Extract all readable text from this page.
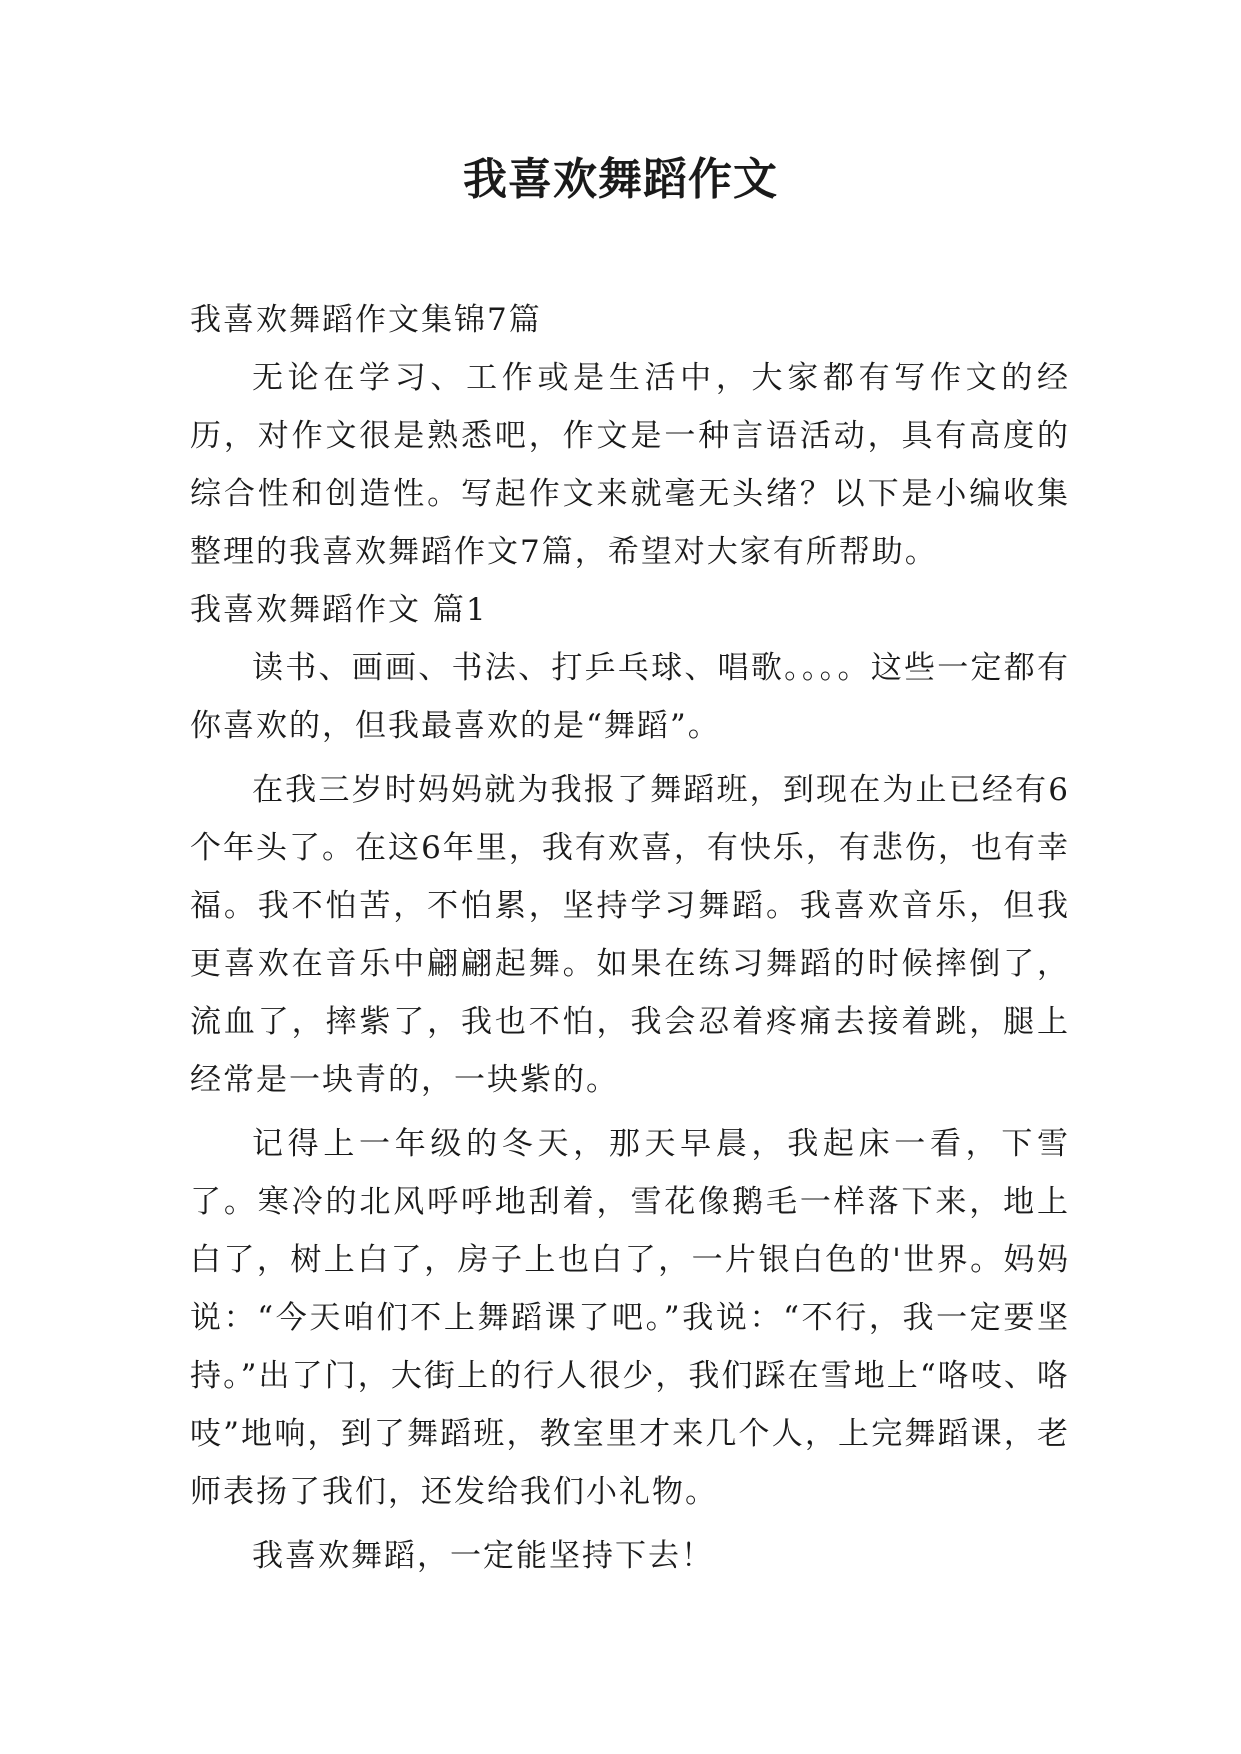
我喜欢舞蹈作文

我喜欢舞蹈作文集锦7篇

无论在学习、工作或是生活中，大家都有写作文的经历，对作文很是熟悉吧，作文是一种言语活动，具有高度的综合性和创造性。写起作文来就毫无头绪？以下是小编收集整理的我喜欢舞蹈作文7篇，希望对大家有所帮助。

我喜欢舞蹈作文 篇1

读书、画画、书法、打乒乓球、唱歌。。。。这些一定都有你喜欢的，但我最喜欢的是“舞蹈”。

在我三岁时妈妈就为我报了舞蹈班，到现在为止已经有6个年头了。在这6年里，我有欢喜，有快乐，有悲伤，也有幸福。我不怕苦，不怕累，坚持学习舞蹈。我喜欢音乐，但我更喜欢在音乐中翩翩起舞。如果在练习舞蹈的时候摔倒了，流血了，摔紫了，我也不怕，我会忍着疼痛去接着跳，腿上经常是一块青的，一块紫的。

记得上一年级的冬天，那天早晨，我起床一看，下雪了。寒冷的北风呼呼地刮着，雪花像鹅毛一样落下来，地上白了，树上白了，房子上也白了，一片银白色的'世界。妈妈说：“今天咱们不上舞蹈课了吧。”我说：“不行，我一定要坚持。”出了门，大街上的行人很少，我们踩在雪地上“咯吱、咯吱”地响，到了舞蹈班，教室里才来几个人，上完舞蹈课，老师表扬了我们，还发给我们小礼物。

我喜欢舞蹈，一定能坚持下去！
